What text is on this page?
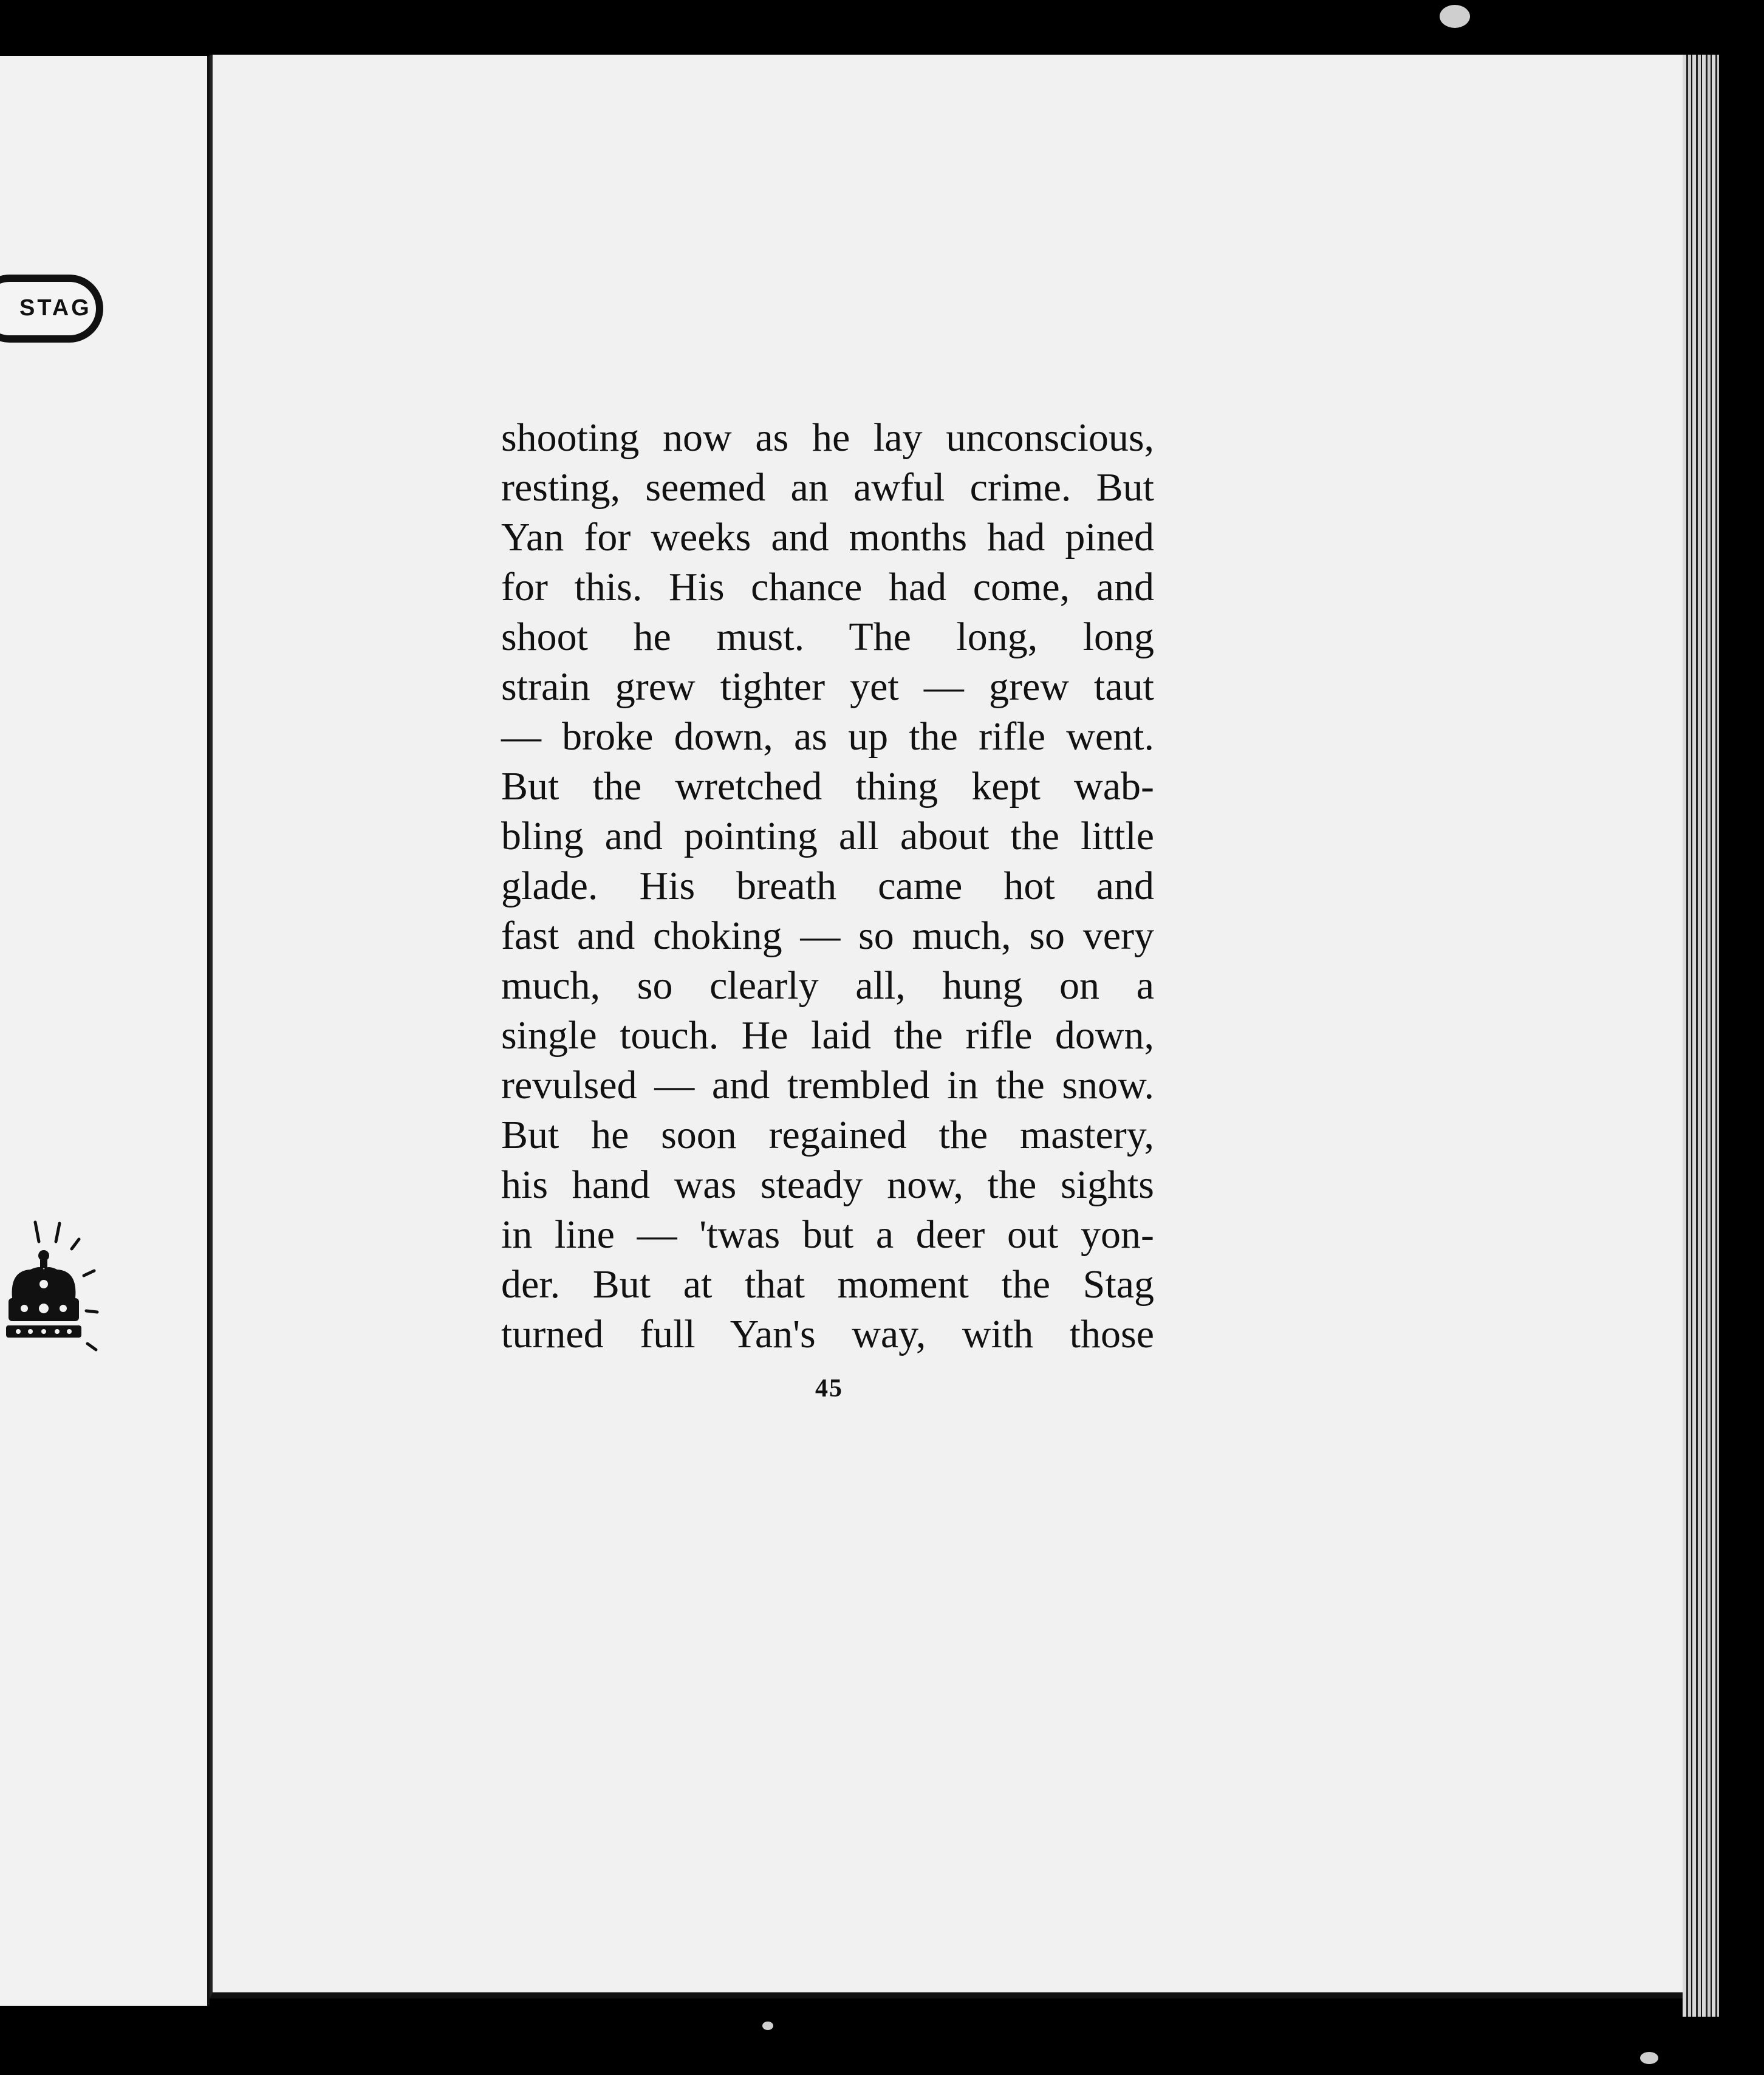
STAG
shooting now as he lay unconscious,
resting, seemed an awful crime. But
Yan for weeks and months had pined
for this. His chance had come, and
shoot he must. The long, long
strain grew tighter yet — grew taut
— broke down, as up the rifle went.
But the wretched thing kept wab-
bling and pointing all about the little
glade. His breath came hot and
fast and choking — so much, so very
much, so clearly all, hung on a
single touch. He laid the rifle down,
revulsed — and trembled in the snow.
But he soon regained the mastery,
his hand was steady now, the sights
in line — 'twas but a deer out yon-
der. But at that moment the Stag
turned full Yan's way, with those
45
